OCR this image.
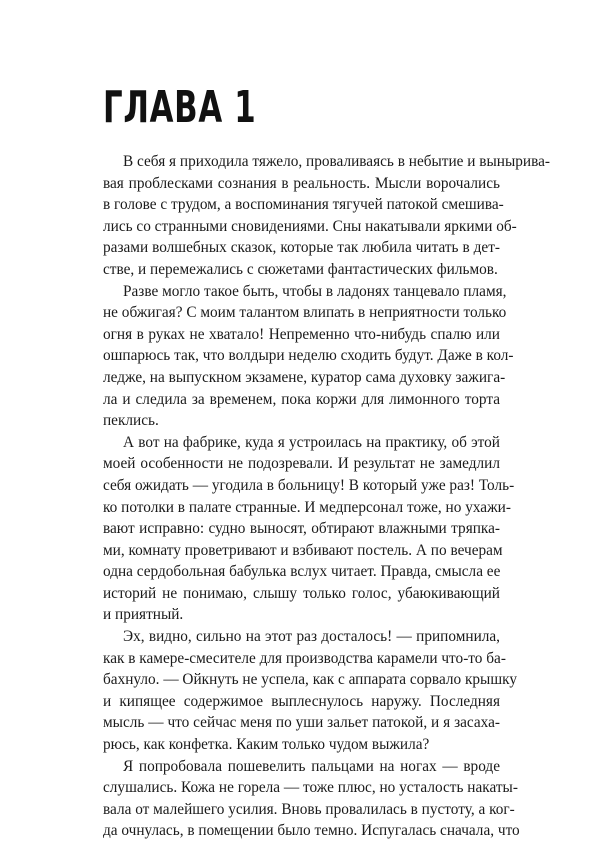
ГЛАВА 1

В себя я приходила тяжело, проваливаясь в небытие и вынырива-
вая проблесками сознания в реальность. Мысли ворочались
в голове с трудом, а воспоминания тягучей патокой смешива-
лись со странными сновидениями. Сны накатывали яркими об-
разами волшебных сказок, которые так любила читать в дет-
стве, и перемежались с сюжетами фантастических фильмов.

Разве могло такое быть, чтобы в ладонях танцевало пламя,
не обжигая? С моим талантом влипать в неприятности только
огня в руках не хватало! Непременно что-нибудь спалю или
ошпарюсь так, что волдыри неделю сходить будут. Даже в кол-
ледже, на выпускном экзамене, куратор сама духовку зажига-
ла и следила за временем, пока коржи для лимонного торта
пеклись.

А вот на фабрике, куда я устроилась на практику, об этой
моей особенности не подозревали. И результат не замедлил
себя ожидать — угодила в больницу! В который уже раз! Толь-
ко потолки в палате странные. И медперсонал тоже, но ухажи-
вают исправно: судно выносят, обтирают влажными тряпка-
ми, комнату проветривают и взбивают постель. А по вечерам
одна сердобольная бабулька вслух читает. Правда, смысла ее
историй не понимаю, слышу только голос, убаюкивающий
и приятный.

Эх, видно, сильно на этот раз досталось! — припомнила,
как в камере-смесителе для производства карамели что-то ба-
бахнуло. — Ойкнуть не успела, как с аппарата сорвало крышку
и кипящее содержимое выплеснулось наружу. Последняя
мысль — что сейчас меня по уши зальет патокой, и я засаха-
рюсь, как конфетка. Каким только чудом выжила?

Я попробовала пошевелить пальцами на ногах — вроде
слушались. Кожа не горела — тоже плюс, но усталость накаты-
вала от малейшего усилия. Вновь провалилась в пустоту, а ког-
да очнулась, в помещении было темно. Испугалась сначала, что
